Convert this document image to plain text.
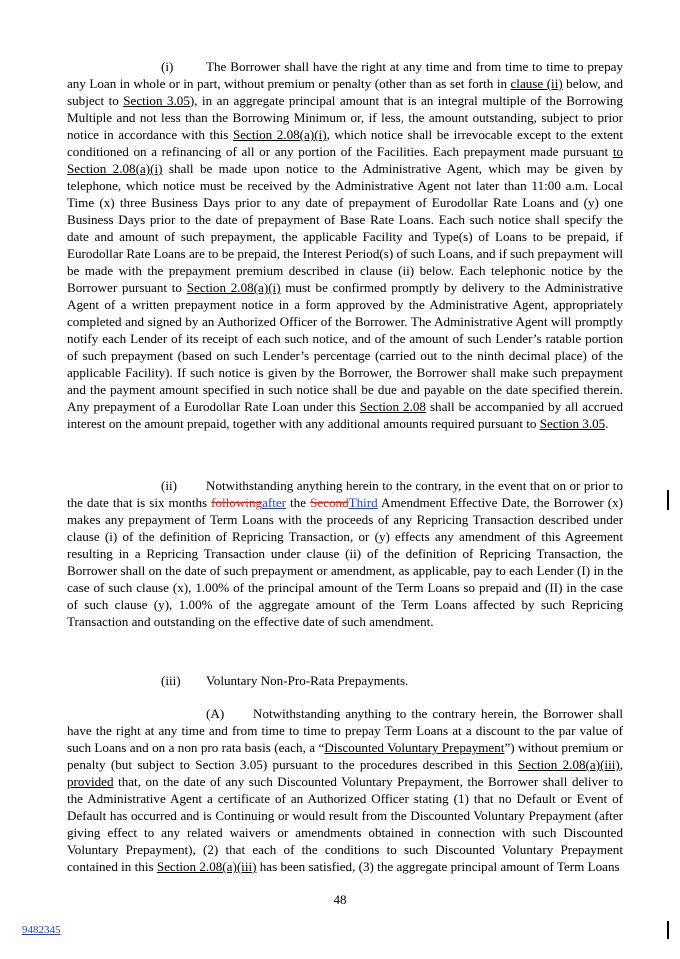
(i) The Borrower shall have the right at any time and from time to time to prepay any Loan in whole or in part, without premium or penalty (other than as set forth in clause (ii) below, and subject to Section 3.05), in an aggregate principal amount that is an integral multiple of the Borrowing Multiple and not less than the Borrowing Minimum or, if less, the amount outstanding, subject to prior notice in accordance with this Section 2.08(a)(i), which notice shall be irrevocable except to the extent conditioned on a refinancing of all or any portion of the Facilities. Each prepayment made pursuant to Section 2.08(a)(i) shall be made upon notice to the Administrative Agent, which may be given by telephone, which notice must be received by the Administrative Agent not later than 11:00 a.m. Local Time (x) three Business Days prior to any date of prepayment of Eurodollar Rate Loans and (y) one Business Days prior to the date of prepayment of Base Rate Loans. Each such notice shall specify the date and amount of such prepayment, the applicable Facility and Type(s) of Loans to be prepaid, if Eurodollar Rate Loans are to be prepaid, the Interest Period(s) of such Loans, and if such prepayment will be made with the prepayment premium described in clause (ii) below. Each telephonic notice by the Borrower pursuant to Section 2.08(a)(i) must be confirmed promptly by delivery to the Administrative Agent of a written prepayment notice in a form approved by the Administrative Agent, appropriately completed and signed by an Authorized Officer of the Borrower. The Administrative Agent will promptly notify each Lender of its receipt of each such notice, and of the amount of such Lender’s ratable portion of such prepayment (based on such Lender’s percentage (carried out to the ninth decimal place) of the applicable Facility). If such notice is given by the Borrower, the Borrower shall make such prepayment and the payment amount specified in such notice shall be due and payable on the date specified therein. Any prepayment of a Eurodollar Rate Loan under this Section 2.08 shall be accompanied by all accrued interest on the amount prepaid, together with any additional amounts required pursuant to Section 3.05.

(ii) Notwithstanding anything herein to the contrary, in the event that on or prior to the date that is six months followingafter the SecondThird Amendment Effective Date, the Borrower (x) makes any prepayment of Term Loans with the proceeds of any Repricing Transaction described under clause (i) of the definition of Repricing Transaction, or (y) effects any amendment of this Agreement resulting in a Repricing Transaction under clause (ii) of the definition of Repricing Transaction, the Borrower shall on the date of such prepayment or amendment, as applicable, pay to each Lender (I) in the case of such clause (x), 1.00% of the principal amount of the Term Loans so prepaid and (II) in the case of such clause (y), 1.00% of the aggregate amount of the Term Loans affected by such Repricing Transaction and outstanding on the effective date of such amendment.

(iii) Voluntary Non-Pro-Rata Prepayments.

(A) Notwithstanding anything to the contrary herein, the Borrower shall have the right at any time and from time to time to prepay Term Loans at a discount to the par value of such Loans and on a non pro rata basis (each, a “Discounted Voluntary Prepayment”) without premium or penalty (but subject to Section 3.05) pursuant to the procedures described in this Section 2.08(a)(iii), provided that, on the date of any such Discounted Voluntary Prepayment, the Borrower shall deliver to the Administrative Agent a certificate of an Authorized Officer stating (1) that no Default or Event of Default has occurred and is Continuing or would result from the Discounted Voluntary Prepayment (after giving effect to any related waivers or amendments obtained in connection with such Discounted Voluntary Prepayment), (2) that each of the conditions to such Discounted Voluntary Prepayment contained in this Section 2.08(a)(iii) has been satisfied, (3) the aggregate principal amount of Term Loans

48
9482345
